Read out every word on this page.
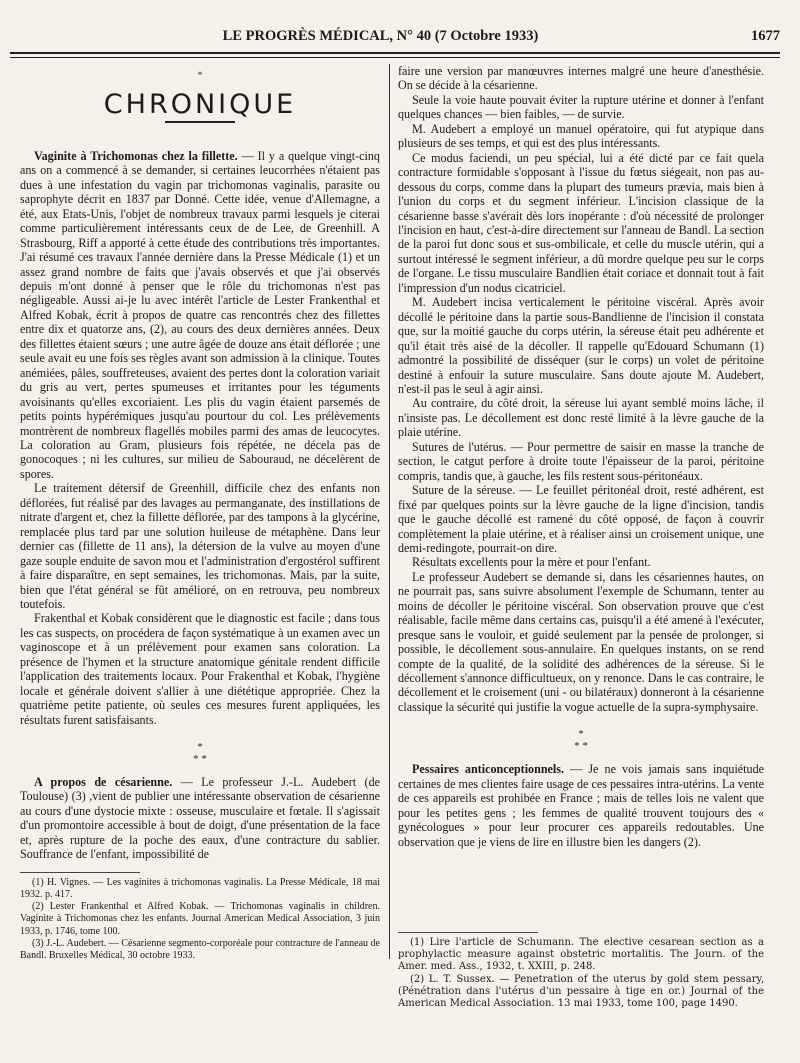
LE PROGRÈS MÉDICAL, N° 40 (7 Octobre 1933)	1677
*
CHRONIQUE

Vaginite à Trichomonas chez la fillette. — Il y a quelque vingt-cinq ans on a commencé à se demander, si certaines leucorrhées n'étaient pas dues à une infestation du vagin par trichomonas vaginalis, parasite ou saprophyte décrit en 1837 par Donné. Cette idée, venue d'Allemagne, a été, aux Etats-Unis, l'objet de nombreux travaux parmi lesquels je citerai comme particulièrement intéressants ceux de de Lee, de Greenhill. A Strasbourg, Riff a apporté à cette étude des contributions très importantes. J'ai résumé ces travaux l'année dernière dans la Presse Médicale (1) et un assez grand nombre de faits que j'avais observés et que j'ai observés depuis m'ont donné à penser que le rôle du trichomonas n'est pas négligeable. Aussi ai-je lu avec intérêt l'article de Lester Frankenthal et Alfred Kobak, écrit à propos de quatre cas rencontrés chez des fillettes entre dix et quatorze ans, (2), au cours des deux dernières années. Deux des fillettes étaient sœurs ; une autre âgée de douze ans était déflorée ; une seule avait eu une fois ses règles avant son admission à la clinique. Toutes anémiées, pâles, souffreteuses, avaient des pertes dont la coloration variait du gris au vert, pertes spumeuses et irritantes pour les téguments avoisinants qu'elles excoriaient. Les plis du vagin étaient parsemés de petits points hypérémiques jusqu'au pourtour du col. Les prélèvements montrèrent de nombreux flagellés mobiles parmi des amas de leucocytes. La coloration au Gram, plusieurs fois répétée, ne décela pas de gonocoques ; ni les cultures, sur milieu de Sabouraud, ne décelèrent de spores.

Le traitement détersif de Greenhill, difficile chez des enfants non déflorées, fut réalisé par des lavages au permanganate, des instillations de nitrate d'argent et, chez la fillette déflorée, par des tampons à la glycérine, remplacée plus tard par une solution huileuse de métaphène. Dans leur dernier cas (fillette de 11 ans), la détersion de la vulve au moyen d'une gaze souple enduite de savon mou et l'administration d'ergostérol suffirent à faire disparaître, en sept semaines, les trichomonas. Mais, par la suite, bien que l'état général se fût amélioré, on en retrouva, peu nombreux toutefois.

Frakenthal et Kobak considèrent que le diagnostic est facile ; dans tous les cas suspects, on procédera de façon systématique à un examen avec un vaginoscope et à un prélèvement pour examen sans coloration. La présence de l'hymen et la structure anatomique génitale rendent difficile l'application des traitements locaux. Pour Frakenthal et Kobak, l'hygiène locale et générale doivent s'allier à une diététique appropriée. Chez la quatrième petite patiente, où seules ces mesures furent appliquées, les résultats furent satisfaisants.

*
* *

A propos de césarienne. — Le professeur J.-L. Audebert (de Toulouse) (3) ,vient de publier une intéressante observation de césarienne au cours d'une dystocie mixte : osseuse, musculaire et fœtale. Il s'agissait d'un promontoire accessible à bout de doigt, d'une présentation de la face et, après rupture de la poche des eaux, d'une contracture du sablier. Souffrance de l'enfant, impossibilité de

(1) H. Vignes. — Les vaginites à trichomonas vaginalis. La Presse Médicale, 18 mai 1932. p. 417.
(2) Lester Frankenthal et Alfred Kobak. — Trichomonas vaginalis in children. Vaginite à Trichomonas chez les enfants. Journal American Medical Association, 3 juin 1933, p. 1746, tome 100.
(3) J.-L. Audebert. — Césarienne segmento-corporéale pour contracture de l'anneau de Bandl. Bruxelles Médical, 30 octobre 1933.

faire une version par manœuvres internes malgré une heure d'anesthésie. On se décide à la césarienne.

Seule la voie haute pouvait éviter la rupture utérine et donner à l'enfant quelques chances — bien faibles, — de survie.

M. Audebert a employé un manuel opératoire, qui fut atypique dans plusieurs de ses temps, et qui est des plus intéressants.

Ce modus faciendi, un peu spécial, lui a été dicté par ce fait quela contracture formidable s'opposant à l'issue du fœtus siégeait, non pas au-dessous du corps, comme dans la plupart des tumeurs prævia, mais bien à l'union du corps et du segment inférieur. L'incision classique de la césarienne basse s'avérait dès lors inopérante : d'où nécessité de prolonger l'incision en haut, c'est-à-dire directement sur l'anneau de Bandl. La section de la paroi fut donc sous et sus-ombilicale, et celle du muscle utérin, qui a surtout intéressé le segment inférieur, a dû mordre quelque peu sur le corps de l'organe. Le tissu musculaire Bandlien était coriace et donnait tout à fait l'impression d'un nodus cicatriciel.

M. Audebert incisa verticalement le péritoine viscéral. Après avoir décollé le péritoine dans la partie sous-Bandlienne de l'incision il constata que, sur la moitié gauche du corps utérin, la séreuse était peu adhérente et qu'il était très aisé de la décoller. Il rappelle qu'Edouard Schumann (1) admontré la possibilité de disséquer (sur le corps) un volet de péritoine destiné à enfouir la suture musculaire. Sans doute ajoute M. Audebert, n'est-il pas le seul à agir ainsi.

Au contraire, du côté droit, la séreuse lui ayant semblé moins lâche, il n'insiste pas. Le décollement est donc resté limité à la lèvre gauche de la plaie utérine.

Sutures de l'utérus. — Pour permettre de saisir en masse la tranche de section, le catgut perfore à droite toute l'épaisseur de la paroi, péritoine compris, tandis que, à gauche, les fils restent sous-péritonéaux.

Suture de la séreuse. — Le feuillet péritonéal droit, resté adhérent, est fixé par quelques points sur la lèvre gauche de la ligne d'incision, tandis que le gauche décollé est ramené du côté opposé, de façon à couvrir complètement la plaie utérine, et à réaliser ainsi un croisement unique, une demi-redingote, pourrait-on dire.

Résultats excellents pour la mère et pour l'enfant.

Le professeur Audebert se demande si, dans les césariennes hautes, on ne pourrait pas, sans suivre absolument l'exemple de Schumann, tenter au moins de décoller le péritoine viscéral. Son observation prouve que c'est réalisable, facile même dans certains cas, puisqu'il a été amené à l'exécuter, presque sans le vouloir, et guidé seulement par la pensée de prolonger, si possible, le décollement sous-annulaire. En quelques instants, on se rend compte de la qualité, de la solidité des adhérences de la séreuse. Si le décollement s'annonce difficultueux, on y renonce. Dans le cas contraire, le décollement et le croisement (uni - ou bilatéraux) donneront à la césarienne classique la sécurité qui justifie la vogue actuelle de la supra-symphysaire.

*
* *

Pessaires anticonceptionnels. — Je ne vois jamais sans inquiétude certaines de mes clientes faire usage de ces pessaires intra-utérins. La vente de ces appareils est prohibée en France ; mais de telles lois ne valent que pour les petites gens ; les femmes de qualité trouvent toujours des « gynécologues » pour leur procurer ces appareils redoutables. Une observation que je viens de lire en illustre bien les dangers (2).

(1) Lire l'article de Schumann. The elective cesarean section as a prophylactic measure against obstetric mortalitis. The Journ. of the Amer. med. Ass., 1932, t. XXIII, p. 248.
(2) L. T. Sussex. — Penetration of the uterus by gold stem pessary, (Pénétration dans l'utérus d'un pessaire à tige en or.) Journal of the American Medical Association. 13 mai 1933, tome 100, page 1490.
